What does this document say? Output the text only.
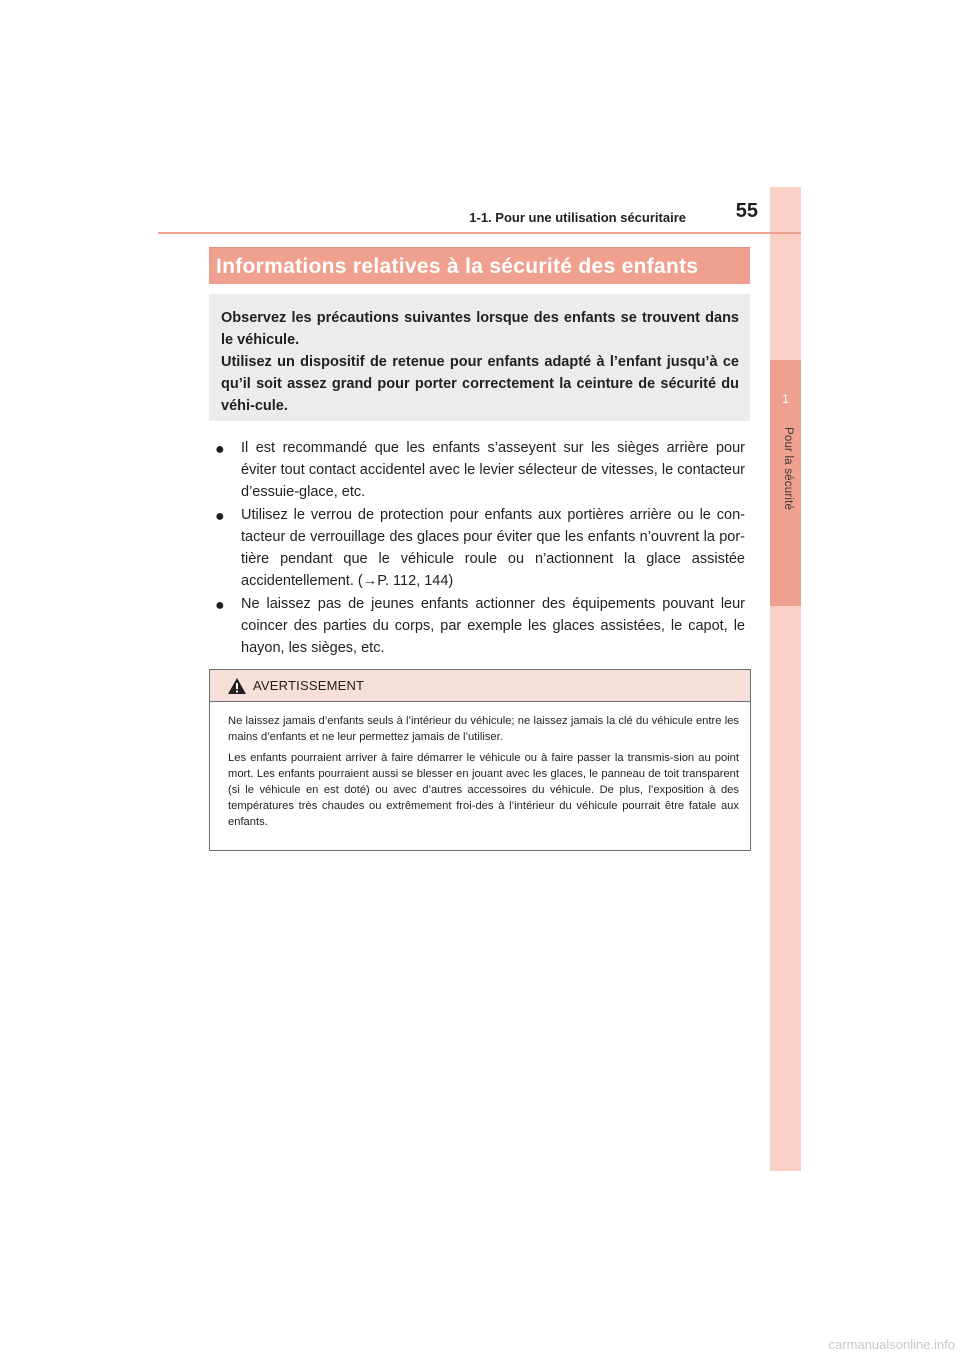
1
Pour la sécurité
1-1. Pour une utilisation sécuritaire	55
Informations relatives à la sécurité des enfants

Observez les précautions suivantes lorsque des enfants se trouvent dans le véhicule.
Utilisez un dispositif de retenue pour enfants adapté à l’enfant jusqu’à ce qu’il soit assez grand pour porter correctement la ceinture de sécurité du véhi-cule.

● Il est recommandé que les enfants s’asseyent sur les sièges arrière pour éviter tout contact accidentel avec le levier sélecteur de vitesses, le contacteur d’essuie-glace, etc.
● Utilisez le verrou de protection pour enfants aux portières arrière ou le con-tacteur de verrouillage des glaces pour éviter que les enfants n’ouvrent la por-tière pendant que le véhicule roule ou n’actionnent la glace assistée accidentellement. (→P. 112, 144)
● Ne laissez pas de jeunes enfants actionner des équipements pouvant leur coincer des parties du corps, par exemple les glaces assistées, le capot, le hayon, les sièges, etc.
AVERTISSEMENT

Ne laissez jamais d’enfants seuls à l’intérieur du véhicule; ne laissez jamais la clé du véhicule entre les mains d’enfants et ne leur permettez jamais de l’utiliser.

Les enfants pourraient arriver à faire démarrer le véhicule ou à faire passer la transmis-sion au point mort. Les enfants pourraient aussi se blesser en jouant avec les glaces, le panneau de toit transparent (si le véhicule en est doté) ou avec d’autres accessoires du véhicule. De plus, l’exposition à des températures très chaudes ou extrêmement froi-des à l’intérieur du véhicule pourrait être fatale aux enfants.

carmanualsonline.info
